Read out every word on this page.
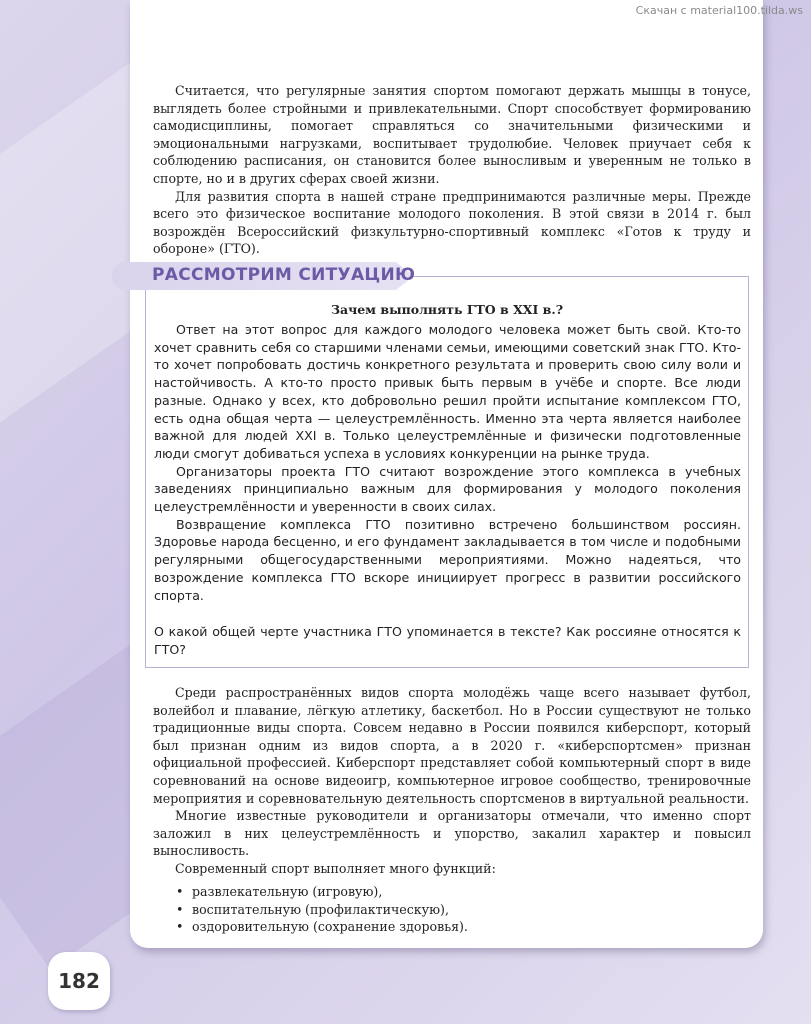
Скачан с material100.tilda.ws

Считается, что регулярные занятия спортом помогают держать мышцы в тонусе, выглядеть более стройными и привлекательными. Спорт способствует формированию самодисциплины, помогает справляться со значительными физическими и эмоциональными нагрузками, воспитывает трудолюбие. Человек приучает себя к соблюдению расписания, он становится более выносливым и уверенным не только в спорте, но и в других сферах своей жизни.

Для развития спорта в нашей стране предпринимаются различные меры. Прежде всего это физическое воспитание молодого поколения. В этой связи в 2014 г. был возрождён Всероссийский физкультурно-спортивный комплекс «Готов к труду и обороне» (ГТО).

РАССМОТРИМ СИТУАЦИЮ
Зачем выполнять ГТО в XXI в.?

Ответ на этот вопрос для каждого молодого человека может быть свой. Кто-то хочет сравнить себя со старшими членами семьи, имеющими советский знак ГТО. Кто-то хочет попробовать достичь конкретного результата и проверить свою силу воли и настойчивость. А кто-то просто привык быть первым в учёбе и спорте. Все люди разные. Однако у всех, кто добровольно решил пройти испытание комплексом ГТО, есть одна общая черта — целеустремлённость. Именно эта черта является наиболее важной для людей XXI в. Только целеустремлённые и физически подготовленные люди смогут добиваться успеха в условиях конкуренции на рынке труда.

Организаторы проекта ГТО считают возрождение этого комплекса в учебных заведениях принципиально важным для формирования у молодого поколения целеустремлённости и уверенности в своих силах.

Возвращение комплекса ГТО позитивно встречено большинством россиян. Здоровье народа бесценно, и его фундамент закладывается в том числе и подобными регулярными общегосударственными мероприятиями. Можно надеяться, что возрождение комплекса ГТО вскоре инициирует прогресс в развитии российского спорта.

О какой общей черте участника ГТО упоминается в тексте? Как россияне относятся к ГТО?

Среди распространённых видов спорта молодёжь чаще всего называет футбол, волейбол и плавание, лёгкую атлетику, баскетбол. Но в России существуют не только традиционные виды спорта. Совсем недавно в России появился киберспорт, который был признан одним из видов спорта, а в 2020 г. «киберспортсмен» признан официальной профессией. Киберспорт представляет собой компьютерный спорт в виде соревнований на основе видеоигр, компьютерное игровое сообщество, тренировочные мероприятия и соревновательную деятельность спортсменов в виртуальной реальности.

Многие известные руководители и организаторы отмечали, что именно спорт заложил в них целеустремлённость и упорство, закалил характер и повысил выносливость.

Современный спорт выполняет много функций:

• развлекательную (игровую),
• воспитательную (профилактическую),
• оздоровительную (сохранение здоровья).
182
